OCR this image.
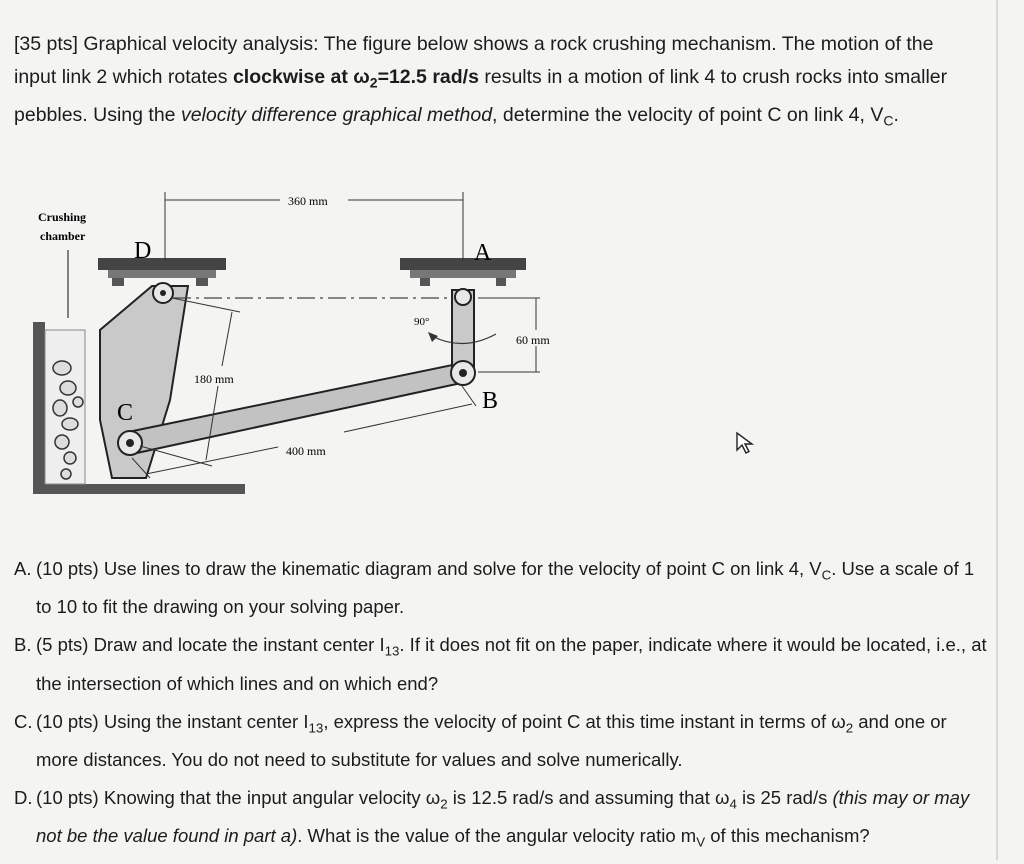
[35 pts] Graphical velocity analysis: The figure below shows a rock crushing mechanism. The motion of the input link 2 which rotates clockwise at $\omega_2=12.5$ rad/s results in a motion of link 4 to crush rocks into smaller pebbles. Using the velocity difference graphical method, determine the velocity of point C on link 4, $V_C$.
Crushing
chamber
D	A
C	B
90°
360 mm
60 mm
180 mm
400 mm
A. (10 pts) Use lines to draw the kinematic diagram and solve for the velocity of point C on link 4, $V_C$. Use a scale of 1 to 10 to fit the drawing on your solving paper.
B. (5 pts) Draw and locate the instant center $I_{13}$. If it does not fit on the paper, indicate where it would be located, i.e., at the intersection of which lines and on which end?
C. (10 pts) Using the instant center $I_{13}$, express the velocity of point C at this time instant in terms of $\omega_2$ and one or more distances. You do not need to substitute for values and solve numerically.
D. (10 pts) Knowing that the input angular velocity $\omega_2$ is 12.5 rad/s and assuming that $\omega_4$ is 25 rad/s (this may or may not be the value found in part a). What is the value of the angular velocity ratio $m_V$ of this mechanism?
